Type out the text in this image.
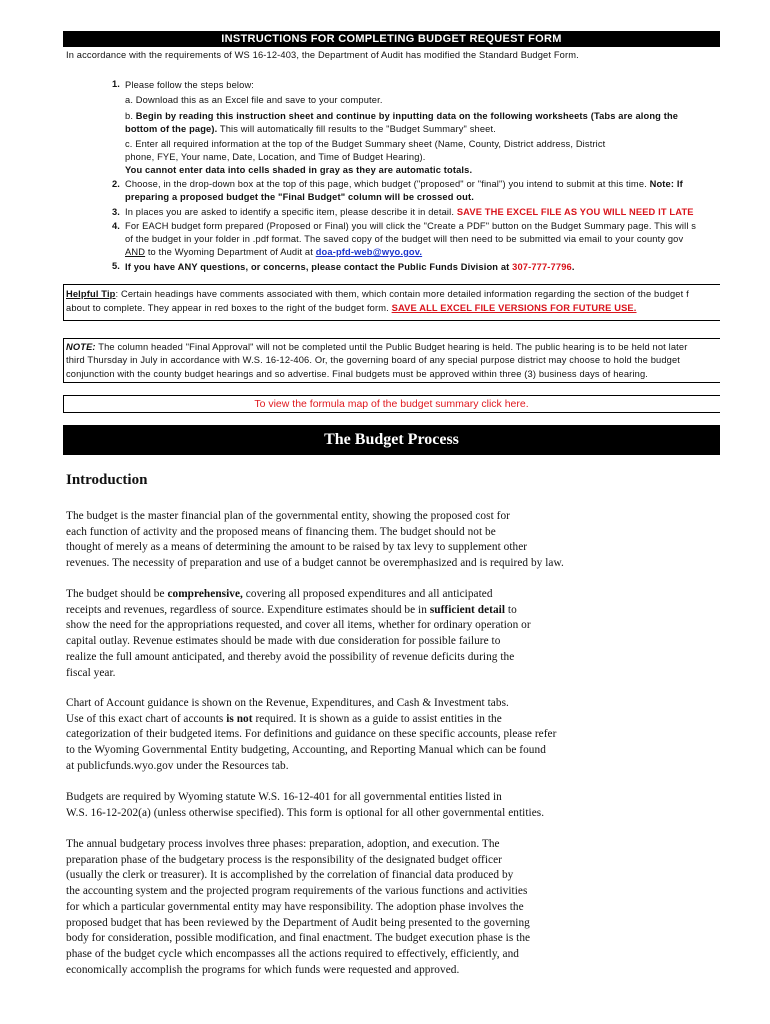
INSTRUCTIONS FOR COMPLETING BUDGET REQUEST FORM
In accordance with the requirements of WS 16-12-403, the Department of Audit has modified the Standard Budget Form.
1. Please follow the steps below:
a. Download this as an Excel file and save to your computer.
b. Begin by reading this instruction sheet and continue by inputting data on the following worksheets (Tabs are along the
bottom of the page). This will automatically fill results to the "Budget Summary" sheet.
c. Enter all required information at the top of the Budget Summary sheet (Name, County, District address, District
phone, FYE, Your name, Date, Location, and Time of Budget Hearing).
You cannot enter data into cells shaded in gray as they are automatic totals.
2. Choose, in the drop-down box at the top of this page, which budget ("proposed" or "final") you intend to submit at this time. Note: If
preparing a proposed budget the "Final Budget" column will be crossed out.
3. In places you are asked to identify a specific item, please describe it in detail. SAVE THE EXCEL FILE AS YOU WILL NEED IT LATE
4. For EACH budget form prepared (Proposed or Final) you will click the "Create a PDF" button on the Budget Summary page. This will s
of the budget in your folder in .pdf format. The saved copy of the budget will then need to be submitted via email to your county gov
AND to the Wyoming Department of Audit at doa-pfd-web@wyo.gov.
5. If you have ANY questions, or concerns, please contact the Public Funds Division at 307-777-7796.
Helpful Tip: Certain headings have comments associated with them, which contain more detailed information regarding the section of the budget f
about to complete. They appear in red boxes to the right of the budget form. SAVE ALL EXCEL FILE VERSIONS FOR FUTURE USE.
NOTE: The column headed "Final Approval" will not be completed until the Public Budget hearing is held. The public hearing is to be held not later
third Thursday in July in accordance with W.S. 16-12-406. Or, the governing board of any special purpose district may choose to hold the budget
conjunction with the county budget hearings and so advertise. Final budgets must be approved within three (3) business days of hearing.
To view the formula map of the budget summary click here.
The Budget Process
Introduction
The budget is the master financial plan of the governmental entity, showing the proposed cost for
each function of activity and the proposed means of financing them. The budget should not be
thought of merely as a means of determining the amount to be raised by tax levy to supplement other
revenues. The necessity of preparation and use of a budget cannot be overemphasized and is required by law.
The budget should be comprehensive, covering all proposed expenditures and all anticipated
receipts and revenues, regardless of source. Expenditure estimates should be in sufficient detail to
show the need for the appropriations requested, and cover all items, whether for ordinary operation or
capital outlay. Revenue estimates should be made with due consideration for possible failure to
realize the full amount anticipated, and thereby avoid the possibility of revenue deficits during the
fiscal year.
Chart of Account guidance is shown on the Revenue, Expenditures, and Cash & Investment tabs.
Use of this exact chart of accounts is not required. It is shown as a guide to assist entities in the
categorization of their budgeted items. For definitions and guidance on these specific accounts, please refer
to the Wyoming Governmental Entity budgeting, Accounting, and Reporting Manual which can be found
at publicfunds.wyo.gov under the Resources tab.
Budgets are required by Wyoming statute W.S. 16-12-401 for all governmental entities listed in
W.S. 16-12-202(a) (unless otherwise specified). This form is optional for all other governmental entities.
The annual budgetary process involves three phases: preparation, adoption, and execution. The
preparation phase of the budgetary process is the responsibility of the designated budget officer
(usually the clerk or treasurer). It is accomplished by the correlation of financial data produced by
the accounting system and the projected program requirements of the various functions and activities
for which a particular governmental entity may have responsibility. The adoption phase involves the
proposed budget that has been reviewed by the Department of Audit being presented to the governing
body for consideration, possible modification, and final enactment. The budget execution phase is the
phase of the budget cycle which encompasses all the actions required to effectively, efficiently, and
economically accomplish the programs for which funds were requested and approved.
